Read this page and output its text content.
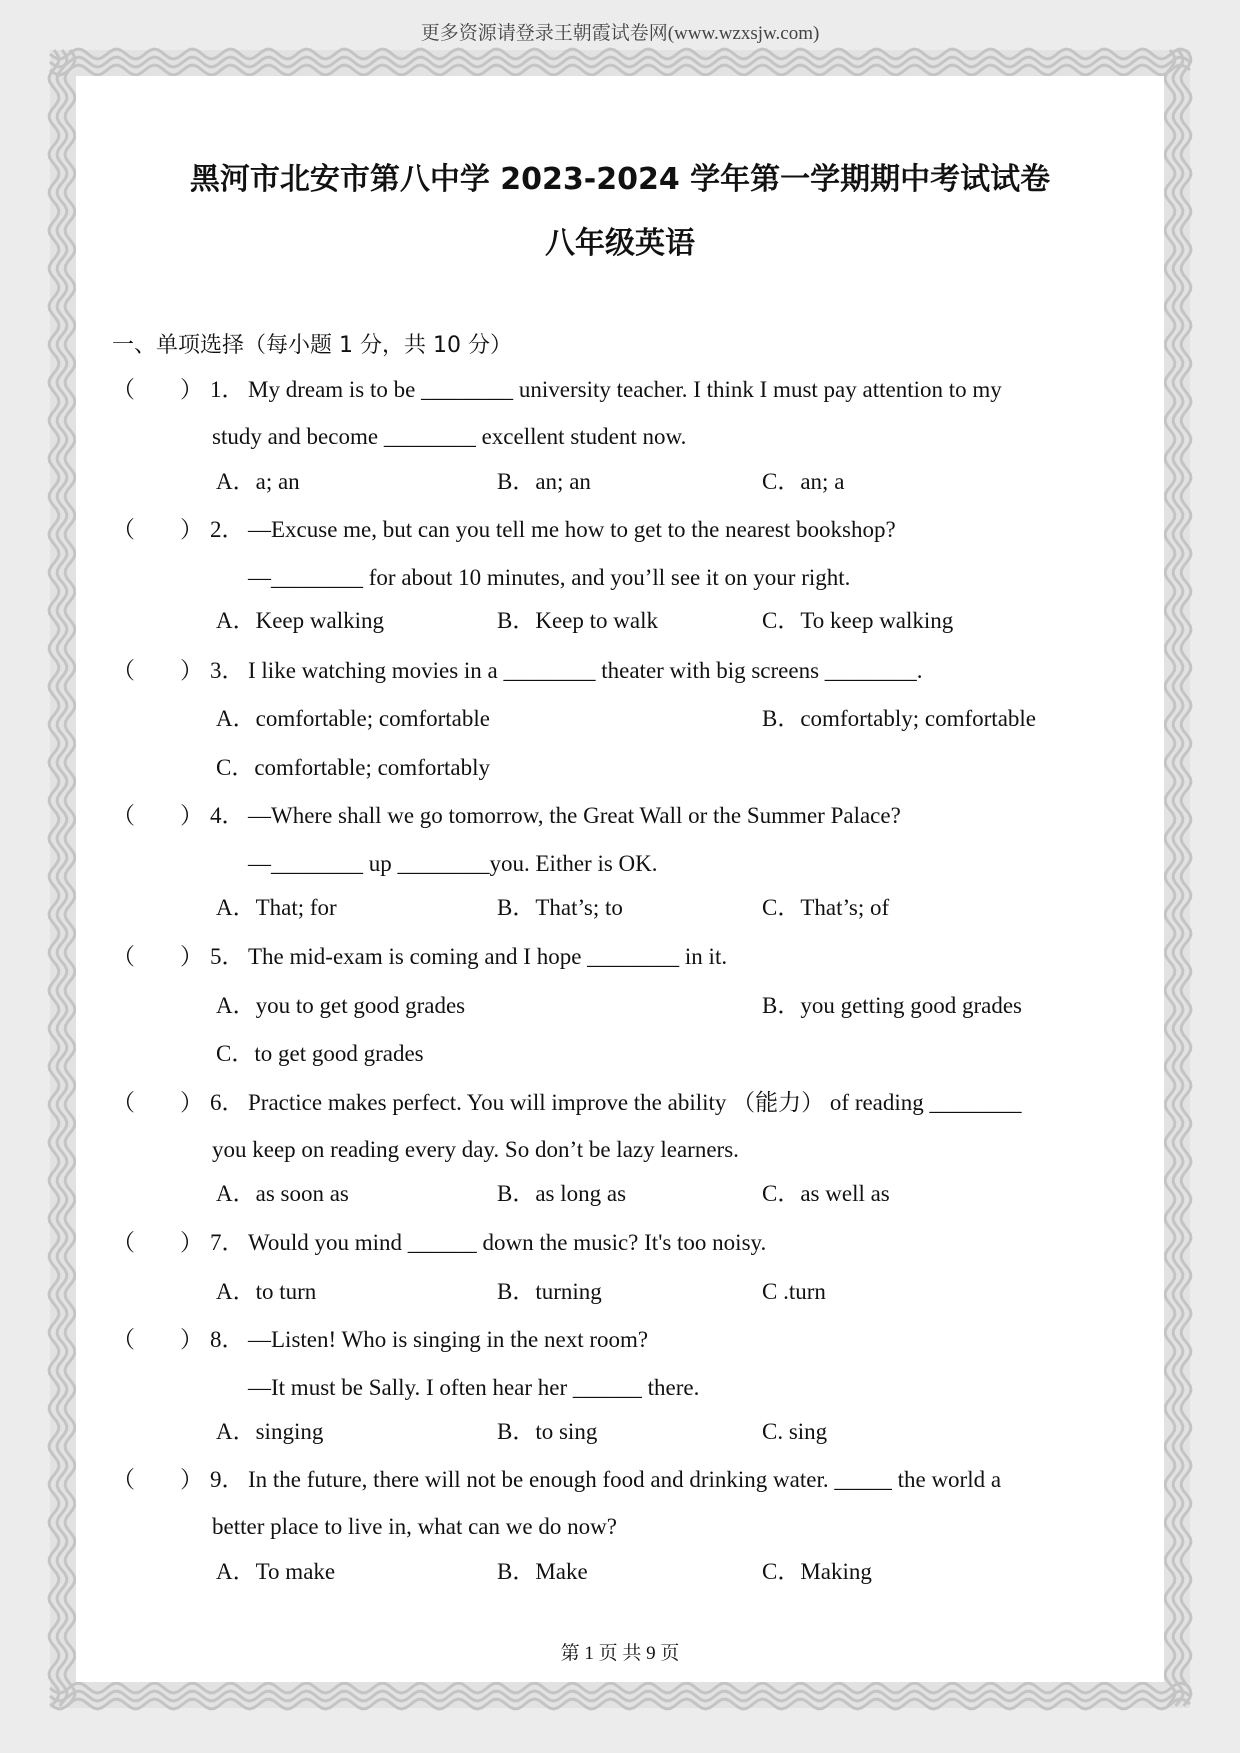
更多资源请登录王朝霞试卷网(www.wzxsjw.com)
黑河市北安市第八中学 2023-2024 学年第一学期期中考试试卷
八年级英语
一、单项选择（每小题 1 分，共 10 分）
（ ） 1． My dream is to be ________ university teacher. I think I must pay attention to my
study and become ________ excellent student now.
A．a; an	B．an; an	C．an; a
（ ） 2． —Excuse me, but can you tell me how to get to the nearest bookshop?
—________ for about 10 minutes, and you’ll see it on your right.
A．Keep walking	B．Keep to walk	C．To keep walking
（ ） 3． I like watching movies in a ________ theater with big screens ________.
A．comfortable; comfortable	B．comfortably; comfortable
C．comfortable; comfortably
（ ） 4． —Where shall we go tomorrow, the Great Wall or the Summer Palace?
—________ up ________you. Either is OK.
A．That; for	B．That’s; to	C．That’s; of
（ ） 5． The mid-exam is coming and I hope ________ in it.
A．you to get good grades	B．you getting good grades
C．to get good grades
（ ） 6． Practice makes perfect. You will improve the ability （能力） of reading ________
you keep on reading every day. So don’t be lazy learners.
A．as soon as	B．as long as	C．as well as
（ ） 7． Would you mind ______ down the music? It's too noisy.
A．to turn	B．turning	C .turn
（ ） 8． —Listen! Who is singing in the next room?
—It must be Sally. I often hear her ______ there.
A．singing	B．to sing	C. sing
（ ） 9． In the future, there will not be enough food and drinking water. _____ the world a
better place to live in, what can we do now?
A．To make	B．Make	C．Making
第 1 页 共 9 页
